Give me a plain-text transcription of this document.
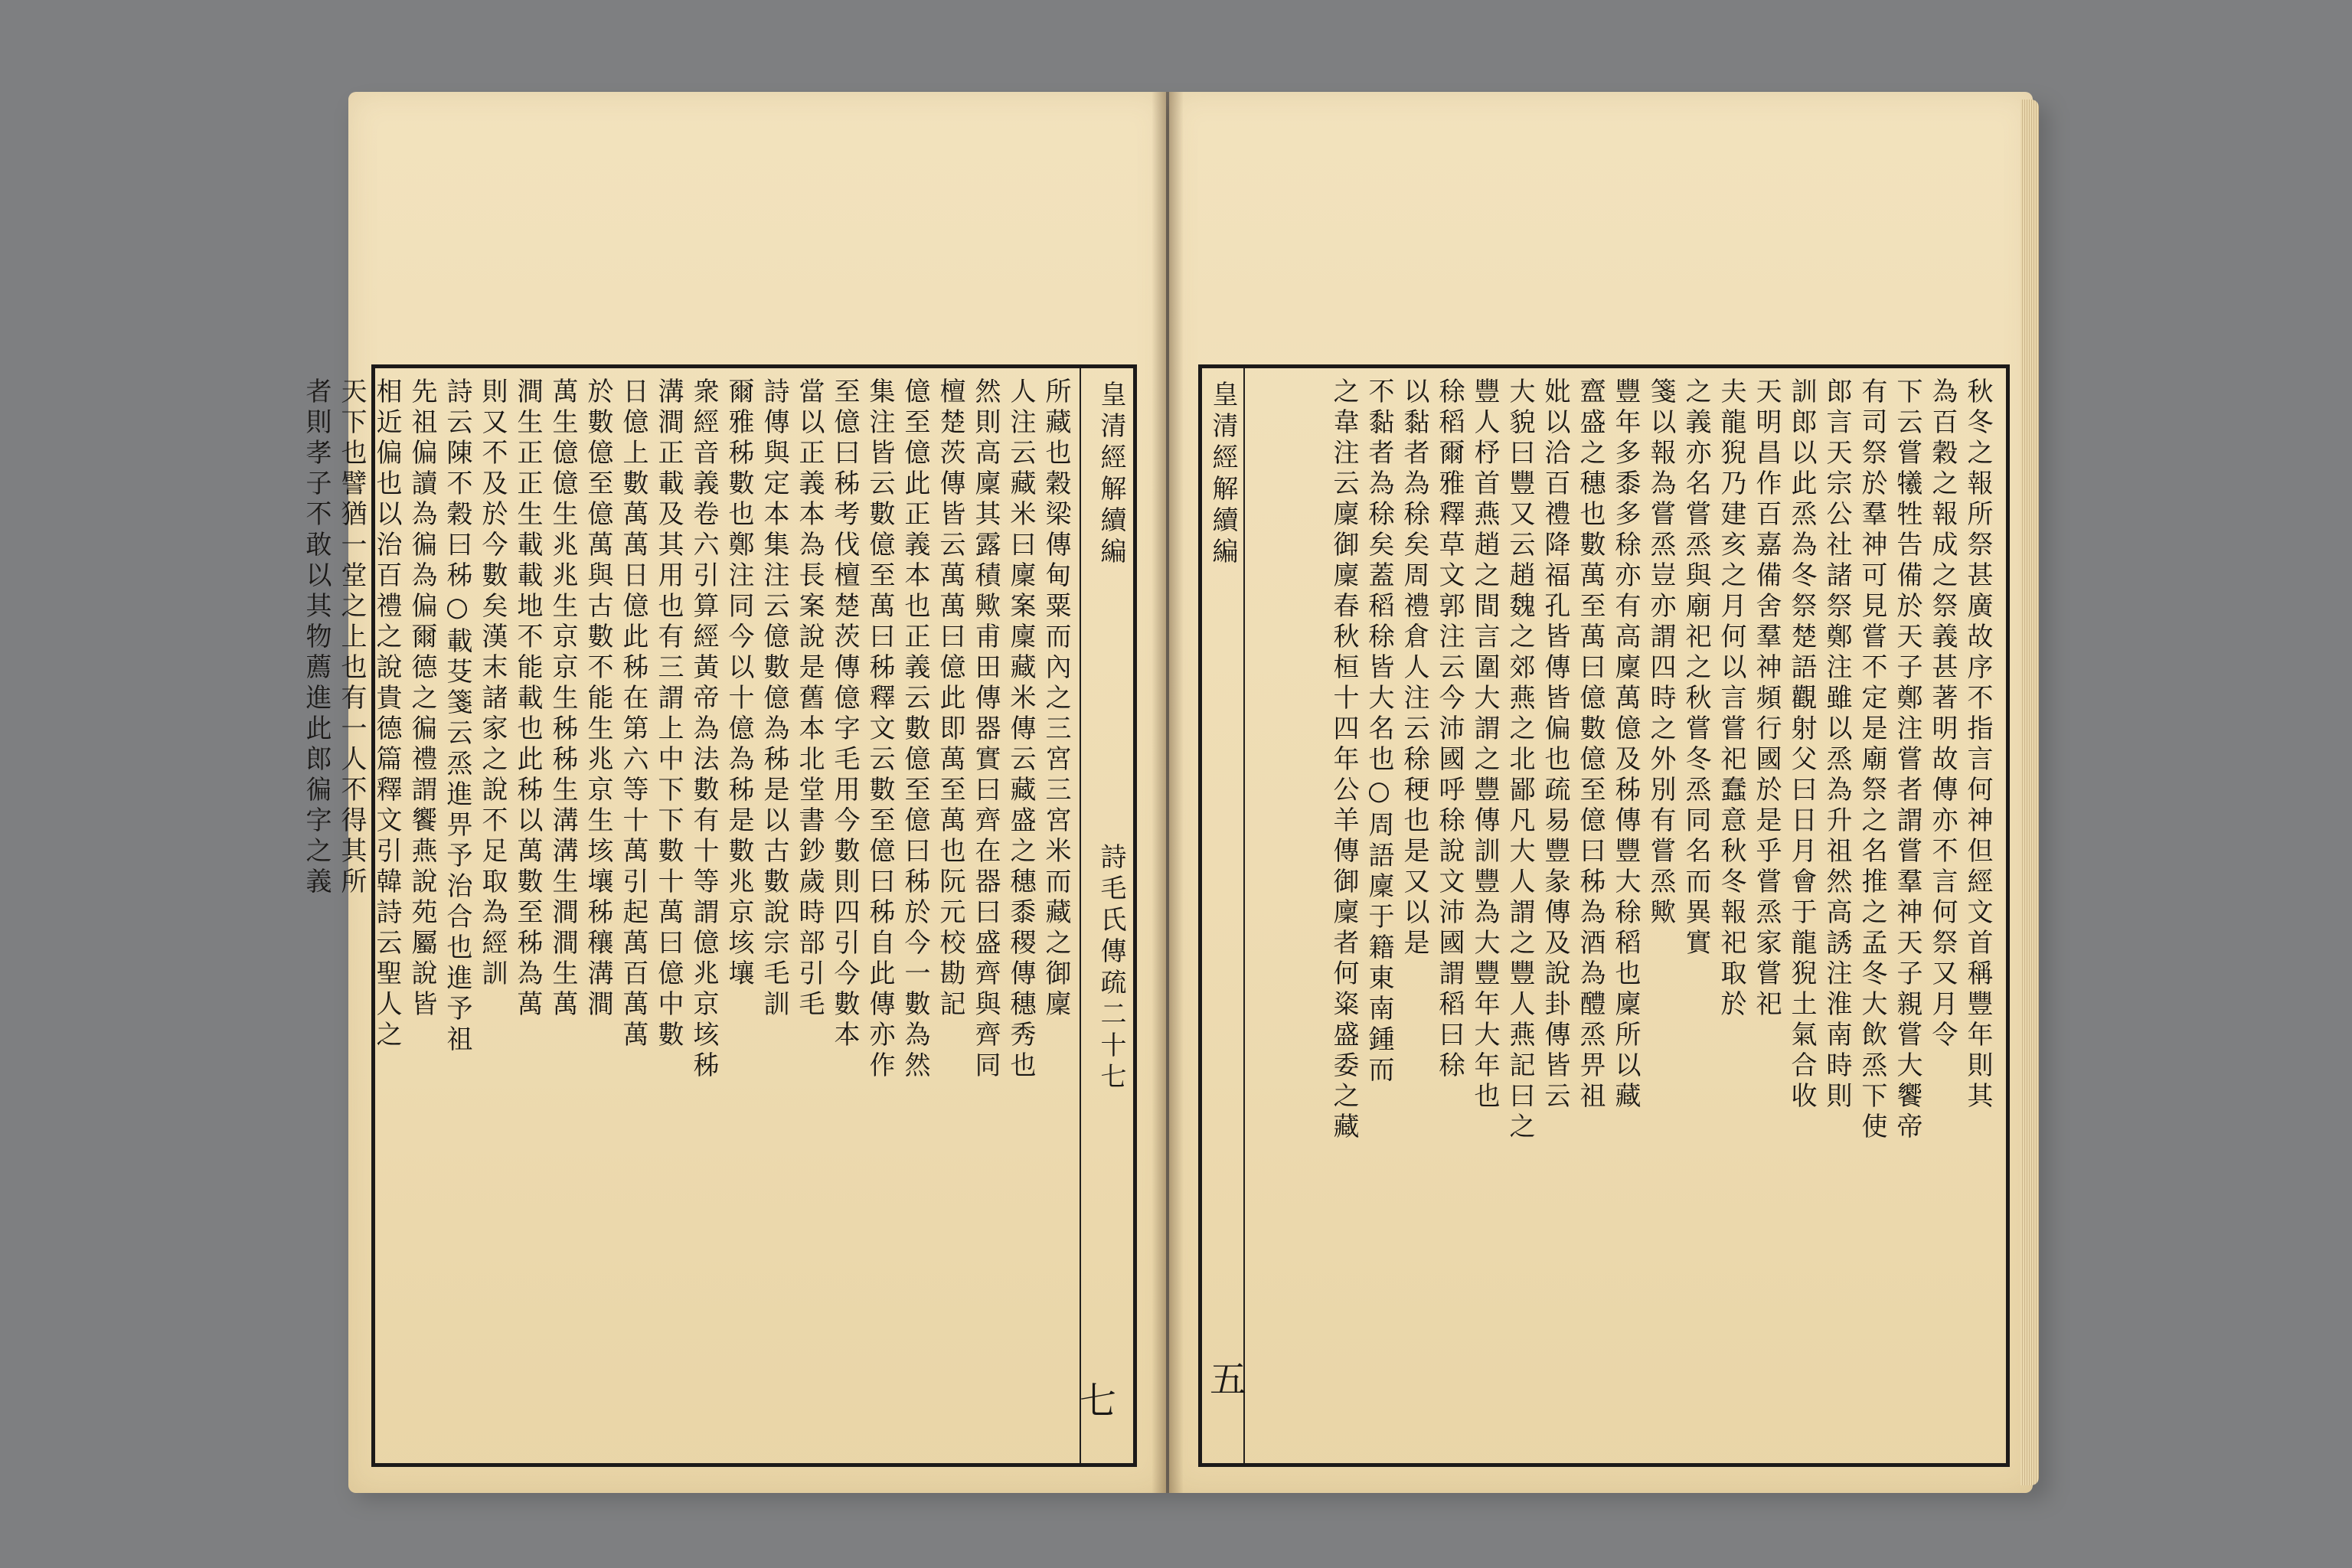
皇清經解續編
詩毛氏傳疏二十七
七
所藏也穀梁傳甸粟而內之三宮三宮米而藏之御廩
人注云藏米曰廩案廩藏米傳云藏盛之穗黍稷傳穗秀也
然則高廩其露積歟甫田傳器實曰齊在器曰盛齊與齊同
檀楚茨傳皆云萬萬曰億此即萬至萬也阮元校勘記
億至億此正義本也正義云數億至億曰秭於今一數為然
集注皆云數億至萬曰秭釋文云數至億曰秭自此傳亦作
至億曰秭考伐檀楚茨傳億字毛用今數則四引今數本
當以正義本為長案說是舊本北堂書鈔歲時部引毛
詩傳與定本集注云億數億為秭是以古數說宗毛訓
爾雅秭數也鄭注同今以十億為秭是數兆京垓壤
衆經音義卷六引算經黃帝為法數有十等謂億兆京垓秭
溝澗正載及其用也有三謂上中下下數十萬曰億中數
日億上數萬萬日億此秭在第六等十萬引起萬百萬萬
於數億至億萬與古數不能生兆京生垓壤秭穰溝澗
萬生億億生兆兆生京京生秭秭生溝溝生澗澗生萬
澗生正正生載載地不能載也此秭以萬數至秭為萬
則又不及於今數矣漢末諸家之說不足取為經訓
詩云陳不穀曰秭○載芟箋云烝進畀予治合也進予祖
先祖偏讀為徧為偏爾德之徧禮謂饗燕說苑屬說皆
相近偏也以治百禮之說貴德篇釋文引韓詩云聖人之
天下也譬猶一堂之上也有一人不得其所
者則孝子不敢以其物薦進此郎徧字之義	皇清經解續編
五
秋冬之報所祭甚廣故序不指言何神但經文首稱豐年則其
為百穀之報成之祭義甚著明故傳亦不言何祭又月令
下云嘗犧牲告備於天子鄭注嘗者謂嘗羣神天子親嘗大饗帝
有司祭於羣神可見嘗不定是廟祭之名推之孟冬大飲烝下使
郎言天宗公社諸祭鄭注雖以烝為升祖然高誘注淮南時則
訓郎以此烝為冬祭楚語觀射父曰日月會于龍猊土氣合收
天明昌作百嘉備舍羣神頻行國於是乎嘗烝家嘗祀
夫龍猊乃建亥之月何以言嘗祀蠢意秋冬報祀取於
之義亦名嘗烝與廟祀之秋嘗冬烝同名而異實
箋以報為嘗烝豈亦謂四時之外別有嘗烝歟
豐年多黍多稌亦有高廩萬億及秭傳豐大稌稻也廩所以藏
齍盛之穗也數萬至萬曰億數億至億曰秭為酒為醴烝畀祖
妣以洽百禮降福孔皆傳皆偏也疏易豐彖傳及說卦傳皆云
大貌曰豐又云趙魏之郊燕之北鄙凡大人謂之豐人燕記曰之
豐人杼首燕趙之間言圍大謂之豐傳訓豐為大豐年大年也
稌稻爾雅釋草文郭注云今沛國呼稌說文沛國謂稻曰稌
以黏者為稌矣周禮倉人注云稌稉也是又以是
不黏者為稌矣蓋稻稌皆大名也○周語廩于籍東南鍾而
之韋注云廩御廩春秋桓十四年公羊傳御廩者何粢盛委之藏
